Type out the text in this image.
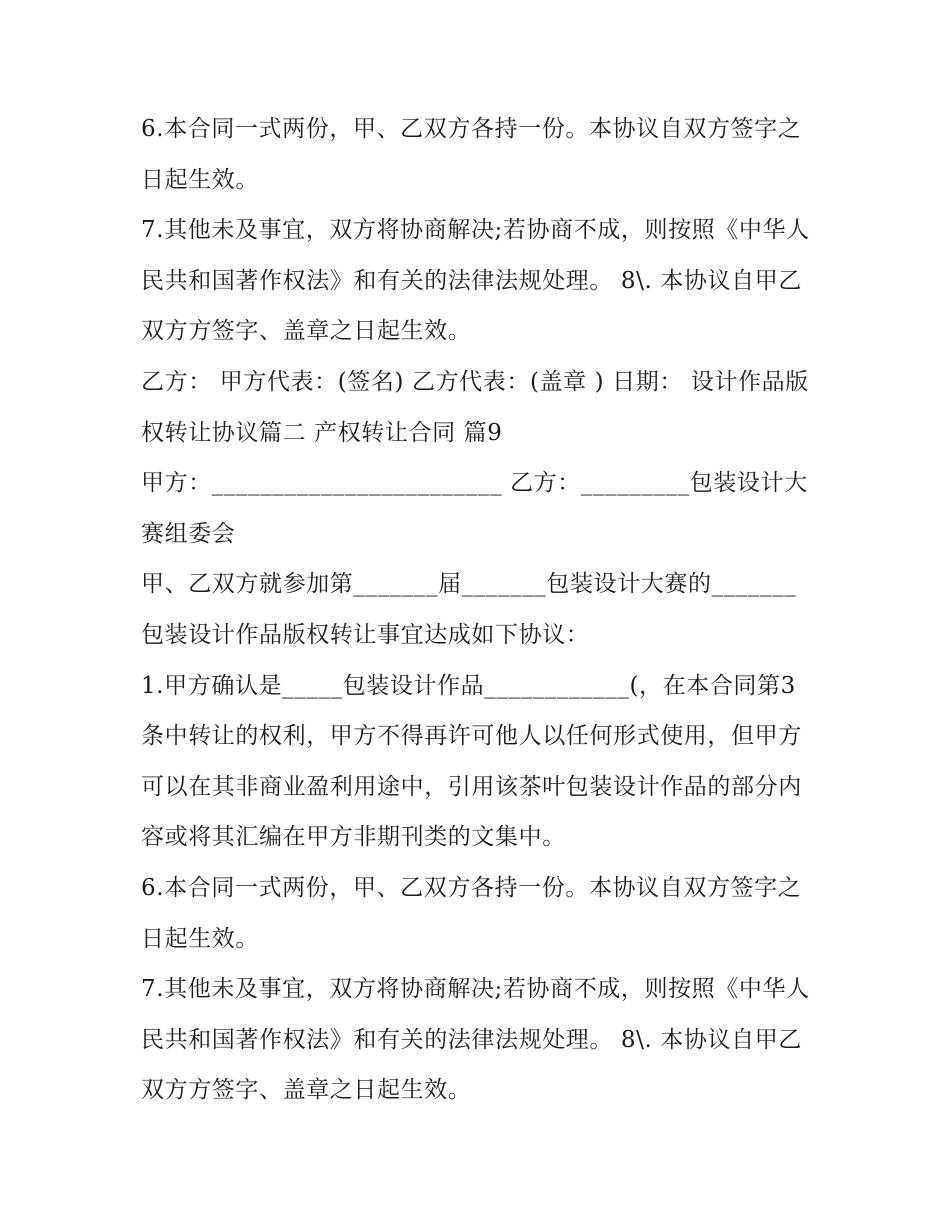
6.本合同一式两份，甲、乙双方各持一份。本协议自双方签字之日起生效。

7.其他未及事宜，双方将协商解决;若协商不成，则按照《中华人民共和国著作权法》和有关的法律法规处理。 8\. 本协议自甲乙双方方签字、盖章之日起生效。

乙方： 甲方代表：(签名) 乙方代表：(盖章 ) 日期： 设计作品版权转让协议篇二 产权转让合同 篇9

甲方：________________________ 乙方：_________包装设计大赛组委会

甲、乙双方就参加第_______届_______包装设计大赛的_______包装设计作品版权转让事宜达成如下协议：

1.甲方确认是_____包装设计作品____________(，在本合同第3条中转让的权利，甲方不得再许可他人以任何形式使用，但甲方可以在其非商业盈利用途中，引用该茶叶包装设计作品的部分内容或将其汇编在甲方非期刊类的文集中。

6.本合同一式两份，甲、乙双方各持一份。本协议自双方签字之日起生效。

7.其他未及事宜，双方将协商解决;若协商不成，则按照《中华人民共和国著作权法》和有关的法律法规处理。 8\. 本协议自甲乙双方方签字、盖章之日起生效。
